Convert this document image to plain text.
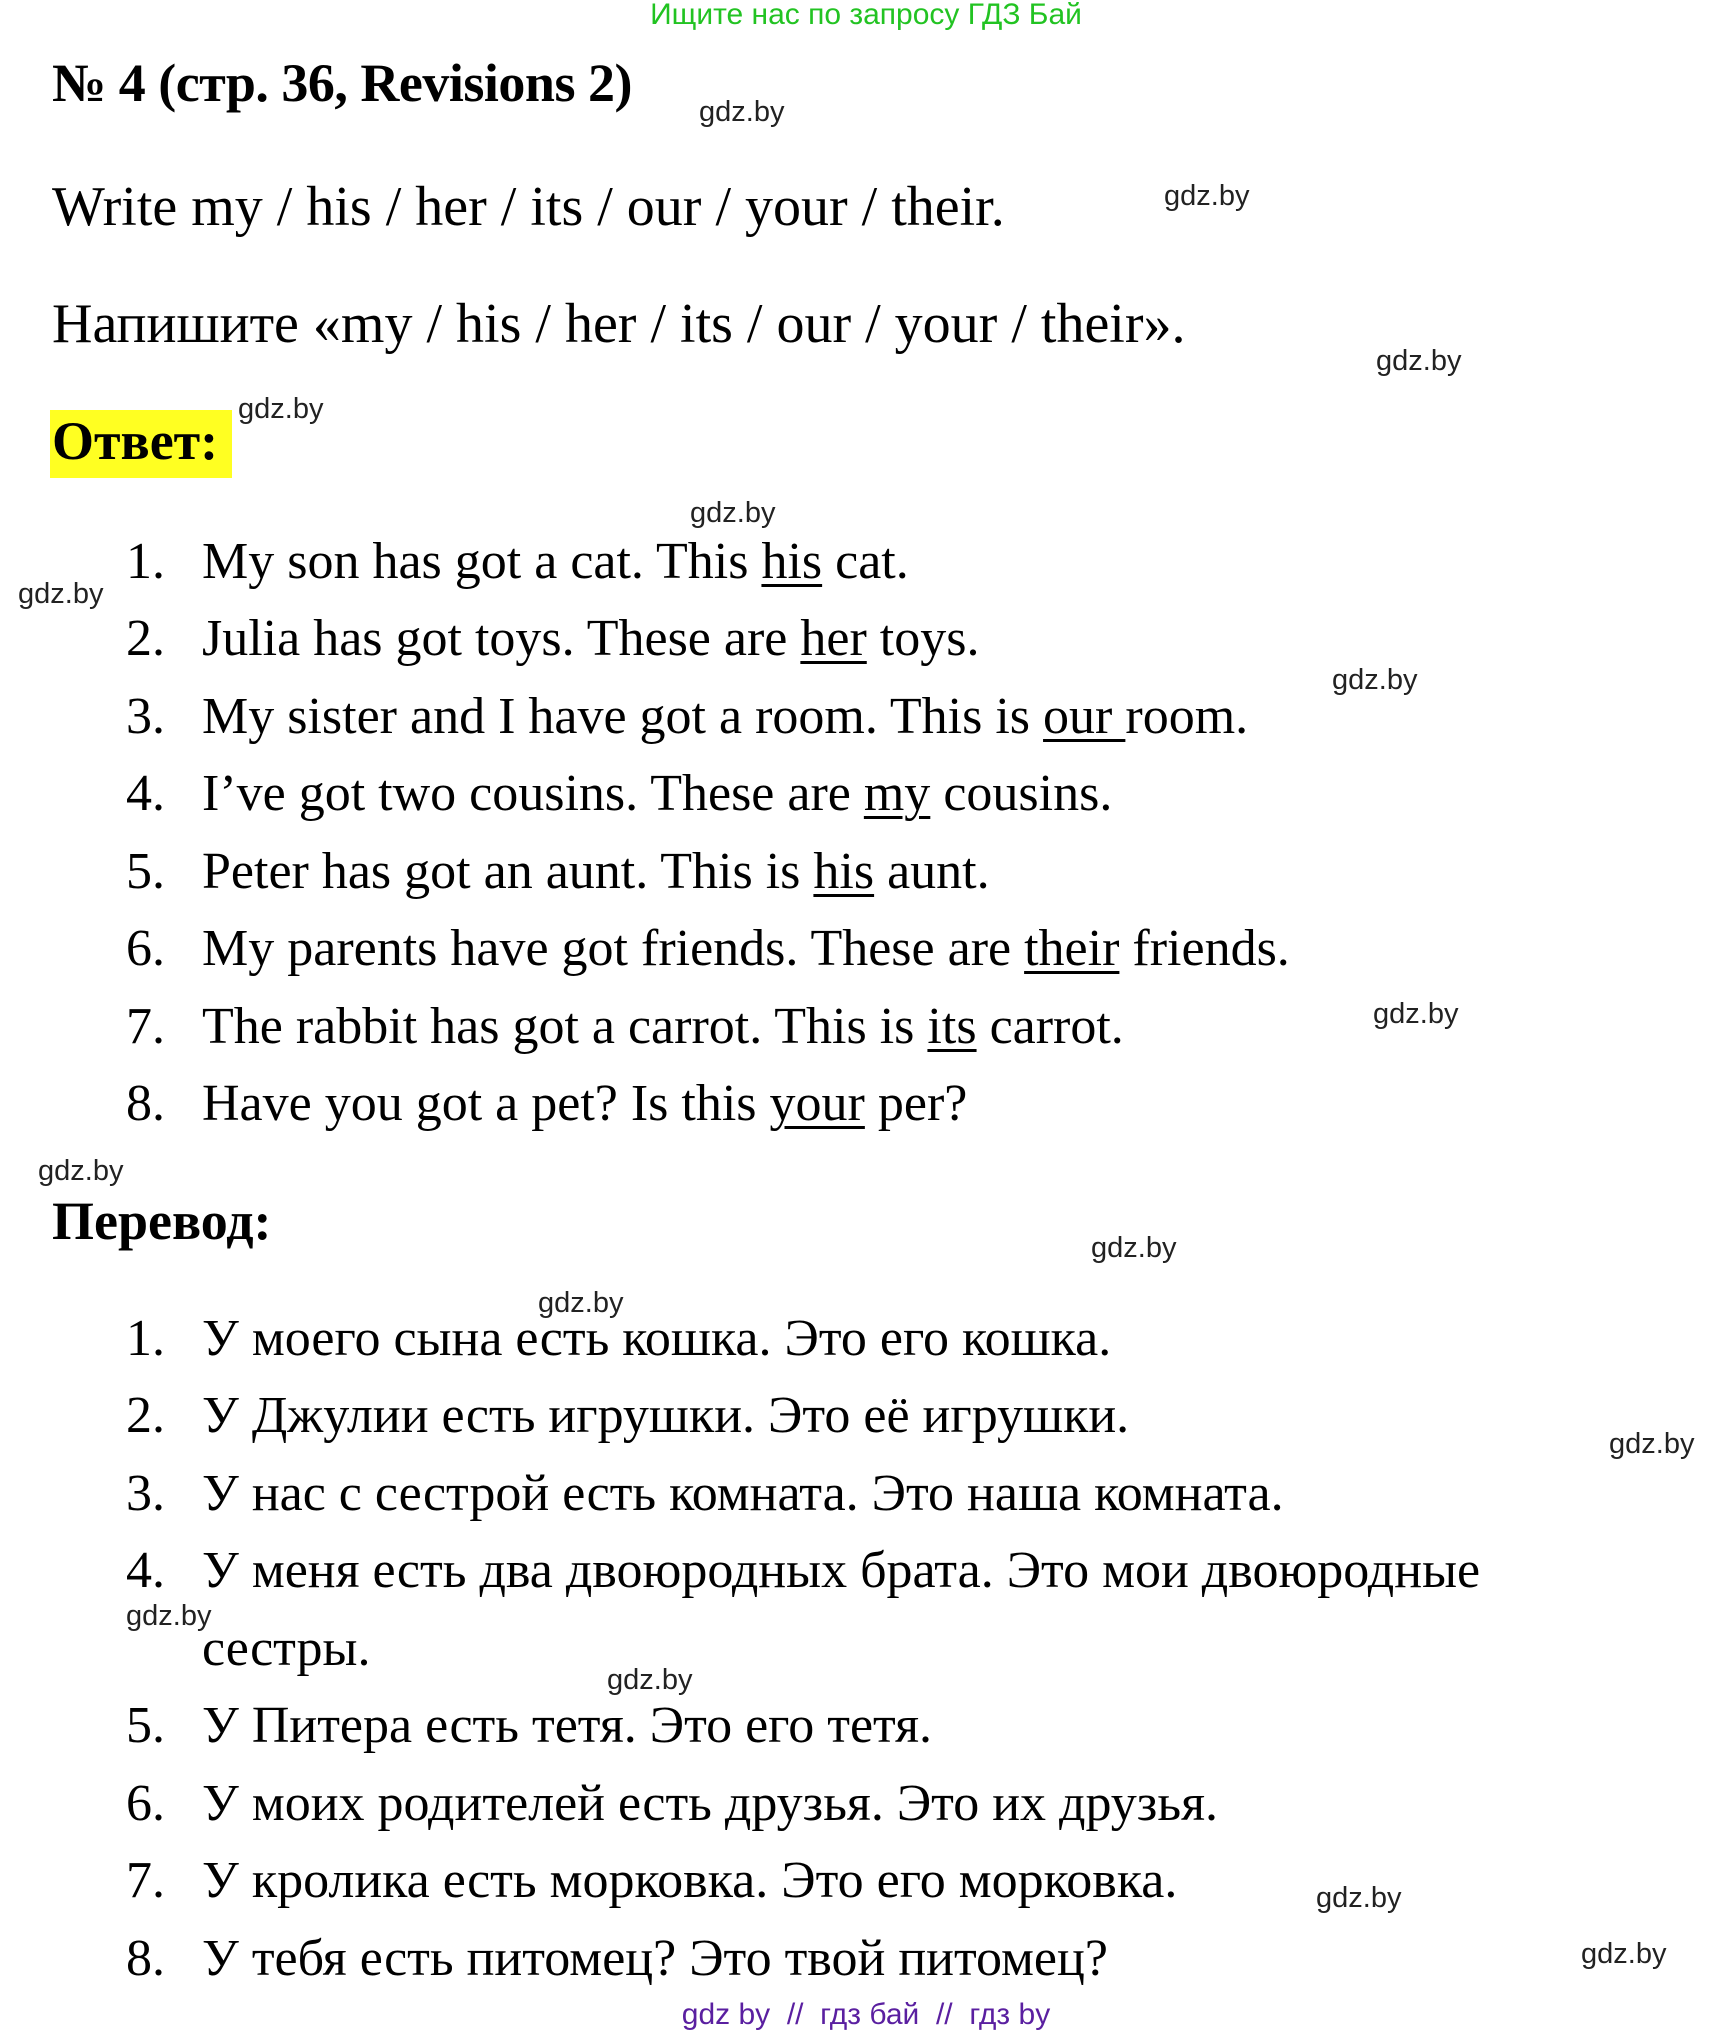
Ищите нас по запросу ГДЗ Бай
№ 4 (стр. 36, Revisions 2)
Write my / his / her / its / our / your / their.
Напишите «my / his / her / its / our / your / their».
Ответ:
1. My son has got a cat. This his cat.
2. Julia has got toys. These are her toys.
3. My sister and I have got a room. This is our room.
4. I’ve got two cousins. These are my cousins.
5. Peter has got an aunt. This is his aunt.
6. My parents have got friends. These are their friends.
7. The rabbit has got a carrot. This is its carrot.
8. Have you got a pet? Is this your per?
Перевод:
1. У моего сына есть кошка. Это его кошка.
2. У Джулии есть игрушки. Это её игрушки.
3. У нас с сестрой есть комната. Это наша комната.
4. У меня есть два двоюродных брата. Это мои двоюродные
сестры.
5. У Питера есть тетя. Это его тетя.
6. У моих родителей есть друзья. Это их друзья.
7. У кролика есть морковка. Это его морковка.
8. У тебя есть питомец? Это твой питомец?
gdz.by
gdz.by
gdz.by
gdz.by
gdz.by
gdz.by
gdz.by
gdz.by
gdz.by
gdz.by
gdz.by
gdz.by
gdz.by
gdz.by
gdz.by
gdz.by
gdz by  //  гдз бай  //  гдз by
